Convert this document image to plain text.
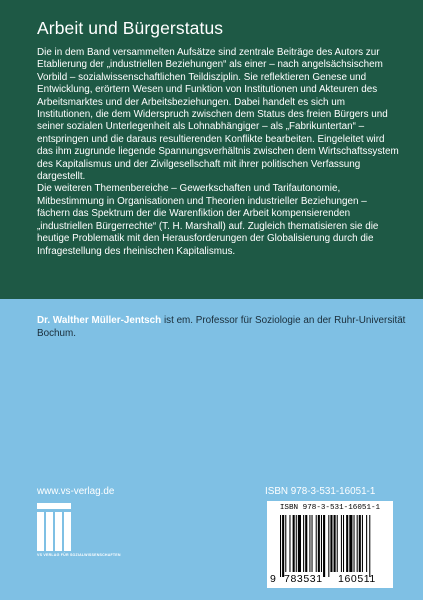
Arbeit und Bürgerstatus

Die in dem Band versammelten Aufsätze sind zentrale Beiträge des Autors zur Etablierung der „industriellen Beziehungen“ als einer – nach angelsächsischem Vorbild – sozialwissenschaftlichen Teildisziplin. Sie reflektieren Genese und Entwicklung, erörtern Wesen und Funktion von Institutionen und Akteuren des Arbeitsmarktes und der Arbeitsbeziehungen. Dabei handelt es sich um Institutionen, die dem Widerspruch zwischen dem Status des freien Bürgers und seiner sozialen Unterlegenheit als Lohnabhängiger – als „Fabrikuntertan“ – entspringen und die daraus resultierenden Konflikte bearbeiten. Eingeleitet wird das ihm zugrunde liegende Spannungsverhältnis zwischen dem Wirtschaftssystem des Kapitalismus und der Zivilgesellschaft mit ihrer politischen Verfassung dargestellt.

Die weiteren Themenbereiche – Gewerkschaften und Tarifautonomie, Mitbestimmung in Organisationen und Theorien industrieller Beziehungen – fächern das Spektrum der die Warenfiktion der Arbeit kompensierenden „industriellen Bürgerrechte“ (T. H. Marshall) auf. Zugleich thematisieren sie die heutige Problematik mit den Herausforderungen der Globalisierung durch die Infragestellung des rheinischen Kapitalismus.

Dr. Walther Müller-Jentsch ist em. Professor für Soziologie an der Ruhr-Universität Bochum.

www.vs-verlag.de
VS VERLAG FÜR SOZIALWISSENSCHAFTEN
ISBN 978-3-531-16051-1
ISBN 978-3-531-16051-1
9 783531 160511
